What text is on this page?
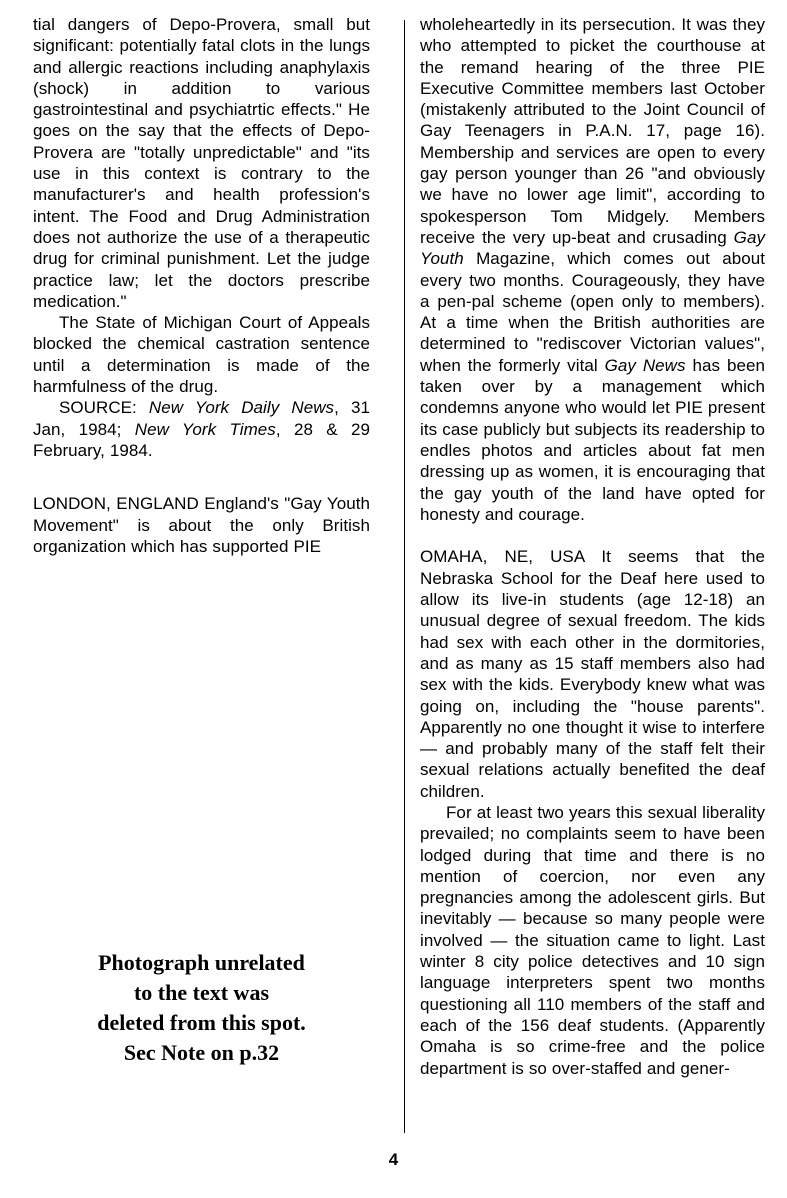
tial dangers of Depo-Provera, small but significant: potentially fatal clots in the lungs and allergic reactions including anaphylaxis (shock) in addition to various gastrointestinal and psychiatrtic effects." He goes on the say that the effects of Depo-Provera are "totally unpredictable" and "its use in this context is contrary to the manufacturer's and health profession's intent. The Food and Drug Administration does not authorize the use of a therapeutic drug for criminal punishment. Let the judge practice law; let the doctors prescribe medication."

The State of Michigan Court of Appeals blocked the chemical castration sentence until a determination is made of the harmfulness of the drug.

SOURCE: New York Daily News, 31 Jan, 1984; New York Times, 28 & 29 February, 1984.

LONDON, ENGLAND England's "Gay Youth Movement" is about the only British organization which has supported PIE

Photograph unrelated
to the text was
deleted from this spot.
Sec Note on p.32

wholeheartedly in its persecution. It was they who attempted to picket the courthouse at the remand hearing of the three PIE Executive Committee members last October (mistakenly attributed to the Joint Council of Gay Teenagers in P.A.N. 17, page 16). Membership and services are open to every gay person younger than 26 "and obviously we have no lower age limit", according to spokesperson Tom Midgely. Members receive the very up-beat and crusading Gay Youth Magazine, which comes out about every two months. Courageously, they have a pen-pal scheme (open only to members). At a time when the British authorities are determined to "rediscover Victorian values", when the formerly vital Gay News has been taken over by a management which condemns anyone who would let PIE present its case publicly but subjects its readership to endles photos and articles about fat men dressing up as women, it is encouraging that the gay youth of the land have opted for honesty and courage.

OMAHA, NE, USA It seems that the Nebraska School for the Deaf here used to allow its live-in students (age 12-18) an unusual degree of sexual freedom. The kids had sex with each other in the dormitories, and as many as 15 staff members also had sex with the kids. Everybody knew what was going on, including the "house parents". Apparently no one thought it wise to interfere — and probably many of the staff felt their sexual relations actually benefited the deaf children.

For at least two years this sexual liberality prevailed; no complaints seem to have been lodged during that time and there is no mention of coercion, nor even any pregnancies among the adolescent girls. But inevitably — because so many people were involved — the situation came to light. Last winter 8 city police detectives and 10 sign language interpreters spent two months questioning all 110 members of the staff and each of the 156 deaf students. (Apparently Omaha is so crime-free and the police department is so over-staffed and gener-

4
